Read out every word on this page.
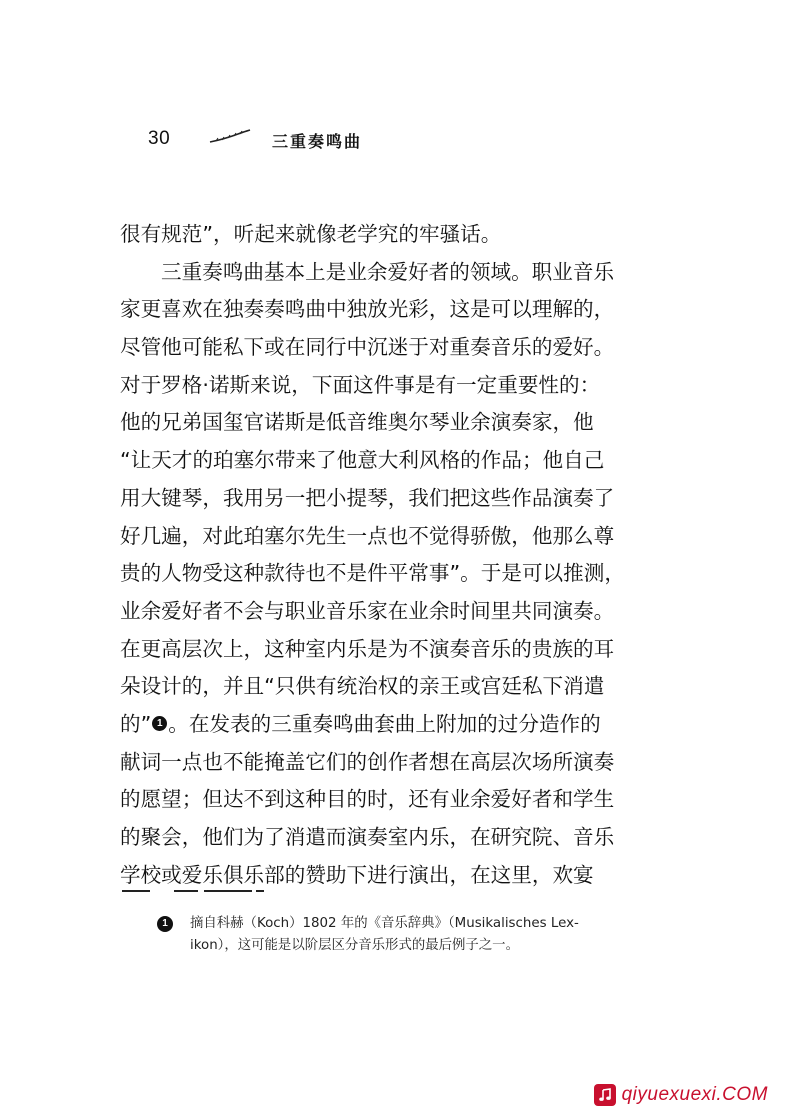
30	三重奏鸣曲
很有规范”，听起来就像老学究的牢骚话。
三重奏鸣曲基本上是业余爱好者的领域。职业音乐
家更喜欢在独奏奏鸣曲中独放光彩，这是可以理解的，
尽管他可能私下或在同行中沉迷于对重奏音乐的爱好。
对于罗格·诺斯来说，下面这件事是有一定重要性的：
他的兄弟国玺官诺斯是低音维奥尔琴业余演奏家，他
“让天才的珀塞尔带来了他意大利风格的作品；他自己
用大键琴，我用另一把小提琴，我们把这些作品演奏了
好几遍，对此珀塞尔先生一点也不觉得骄傲，他那么尊
贵的人物受这种款待也不是件平常事”。于是可以推测，
业余爱好者不会与职业音乐家在业余时间里共同演奏。
在更高层次上，这种室内乐是为不演奏音乐的贵族的耳
朵设计的，并且“只供有统治权的亲王或宫廷私下消遣
的” 1 。在发表的三重奏鸣曲套曲上附加的过分造作的
献词一点也不能掩盖它们的创作者想在高层次场所演奏
的愿望；但达不到这种目的时，还有业余爱好者和学生
的聚会，他们为了消遣而演奏室内乐，在研究院、音乐
学校或爱乐俱乐部的赞助下进行演出，在这里，欢宴
1	摘自科赫（Koch）1802 年的《音乐辞典》（Musikalisches Lex-
ikon），这可能是以阶层区分音乐形式的最后例子之一。
qiyuexuexi.COM
